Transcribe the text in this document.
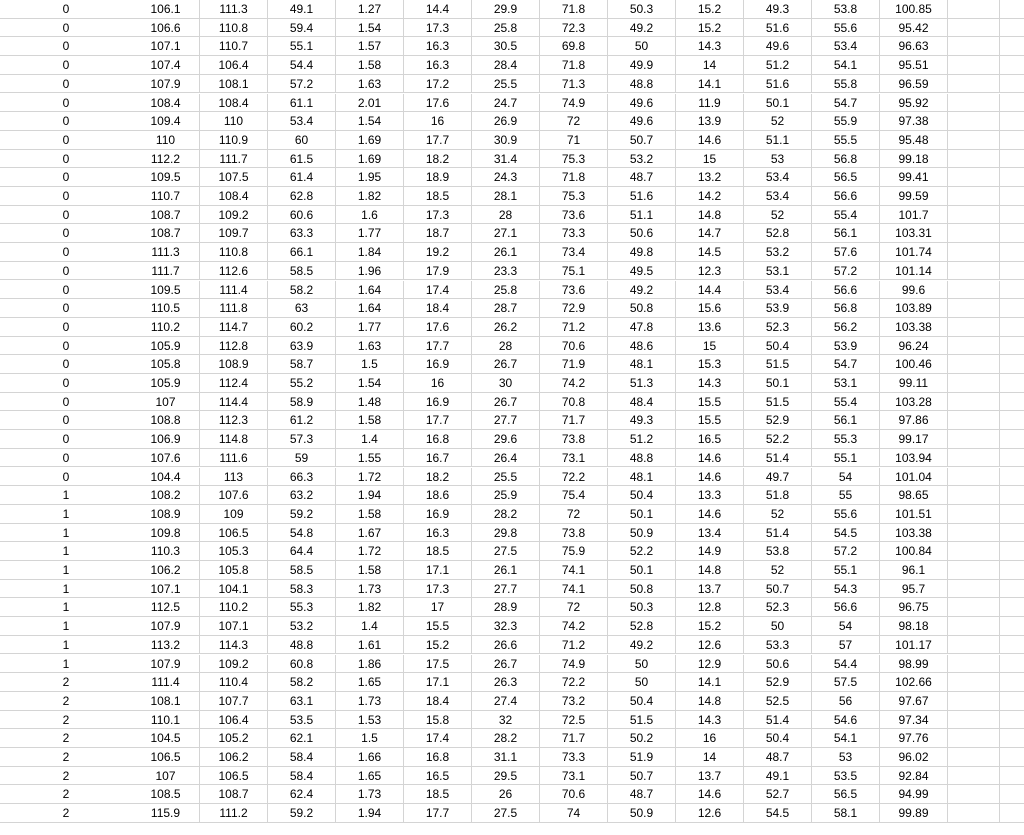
0	106.1	111.3	49.1	1.27	14.4	29.9	71.8	50.3	15.2	49.3	53.8	100.85
0	106.6	110.8	59.4	1.54	17.3	25.8	72.3	49.2	15.2	51.6	55.6	95.42
0	107.1	110.7	55.1	1.57	16.3	30.5	69.8	50	14.3	49.6	53.4	96.63
0	107.4	106.4	54.4	1.58	16.3	28.4	71.8	49.9	14	51.2	54.1	95.51
0	107.9	108.1	57.2	1.63	17.2	25.5	71.3	48.8	14.1	51.6	55.8	96.59
0	108.4	108.4	61.1	2.01	17.6	24.7	74.9	49.6	11.9	50.1	54.7	95.92
0	109.4	110	53.4	1.54	16	26.9	72	49.6	13.9	52	55.9	97.38
0	110	110.9	60	1.69	17.7	30.9	71	50.7	14.6	51.1	55.5	95.48
0	112.2	111.7	61.5	1.69	18.2	31.4	75.3	53.2	15	53	56.8	99.18
0	109.5	107.5	61.4	1.95	18.9	24.3	71.8	48.7	13.2	53.4	56.5	99.41
0	110.7	108.4	62.8	1.82	18.5	28.1	75.3	51.6	14.2	53.4	56.6	99.59
0	108.7	109.2	60.6	1.6	17.3	28	73.6	51.1	14.8	52	55.4	101.7
0	108.7	109.7	63.3	1.77	18.7	27.1	73.3	50.6	14.7	52.8	56.1	103.31
0	111.3	110.8	66.1	1.84	19.2	26.1	73.4	49.8	14.5	53.2	57.6	101.74
0	111.7	112.6	58.5	1.96	17.9	23.3	75.1	49.5	12.3	53.1	57.2	101.14
0	109.5	111.4	58.2	1.64	17.4	25.8	73.6	49.2	14.4	53.4	56.6	99.6
0	110.5	111.8	63	1.64	18.4	28.7	72.9	50.8	15.6	53.9	56.8	103.89
0	110.2	114.7	60.2	1.77	17.6	26.2	71.2	47.8	13.6	52.3	56.2	103.38
0	105.9	112.8	63.9	1.63	17.7	28	70.6	48.6	15	50.4	53.9	96.24
0	105.8	108.9	58.7	1.5	16.9	26.7	71.9	48.1	15.3	51.5	54.7	100.46
0	105.9	112.4	55.2	1.54	16	30	74.2	51.3	14.3	50.1	53.1	99.11
0	107	114.4	58.9	1.48	16.9	26.7	70.8	48.4	15.5	51.5	55.4	103.28
0	108.8	112.3	61.2	1.58	17.7	27.7	71.7	49.3	15.5	52.9	56.1	97.86
0	106.9	114.8	57.3	1.4	16.8	29.6	73.8	51.2	16.5	52.2	55.3	99.17
0	107.6	111.6	59	1.55	16.7	26.4	73.1	48.8	14.6	51.4	55.1	103.94
0	104.4	113	66.3	1.72	18.2	25.5	72.2	48.1	14.6	49.7	54	101.04
1	108.2	107.6	63.2	1.94	18.6	25.9	75.4	50.4	13.3	51.8	55	98.65
1	108.9	109	59.2	1.58	16.9	28.2	72	50.1	14.6	52	55.6	101.51
1	109.8	106.5	54.8	1.67	16.3	29.8	73.8	50.9	13.4	51.4	54.5	103.38
1	110.3	105.3	64.4	1.72	18.5	27.5	75.9	52.2	14.9	53.8	57.2	100.84
1	106.2	105.8	58.5	1.58	17.1	26.1	74.1	50.1	14.8	52	55.1	96.1
1	107.1	104.1	58.3	1.73	17.3	27.7	74.1	50.8	13.7	50.7	54.3	95.7
1	112.5	110.2	55.3	1.82	17	28.9	72	50.3	12.8	52.3	56.6	96.75
1	107.9	107.1	53.2	1.4	15.5	32.3	74.2	52.8	15.2	50	54	98.18
1	113.2	114.3	48.8	1.61	15.2	26.6	71.2	49.2	12.6	53.3	57	101.17
1	107.9	109.2	60.8	1.86	17.5	26.7	74.9	50	12.9	50.6	54.4	98.99
2	111.4	110.4	58.2	1.65	17.1	26.3	72.2	50	14.1	52.9	57.5	102.66
2	108.1	107.7	63.1	1.73	18.4	27.4	73.2	50.4	14.8	52.5	56	97.67
2	110.1	106.4	53.5	1.53	15.8	32	72.5	51.5	14.3	51.4	54.6	97.34
2	104.5	105.2	62.1	1.5	17.4	28.2	71.7	50.2	16	50.4	54.1	97.76
2	106.5	106.2	58.4	1.66	16.8	31.1	73.3	51.9	14	48.7	53	96.02
2	107	106.5	58.4	1.65	16.5	29.5	73.1	50.7	13.7	49.1	53.5	92.84
2	108.5	108.7	62.4	1.73	18.5	26	70.6	48.7	14.6	52.7	56.5	94.99
2	115.9	111.2	59.2	1.94	17.7	27.5	74	50.9	12.6	54.5	58.1	99.89
